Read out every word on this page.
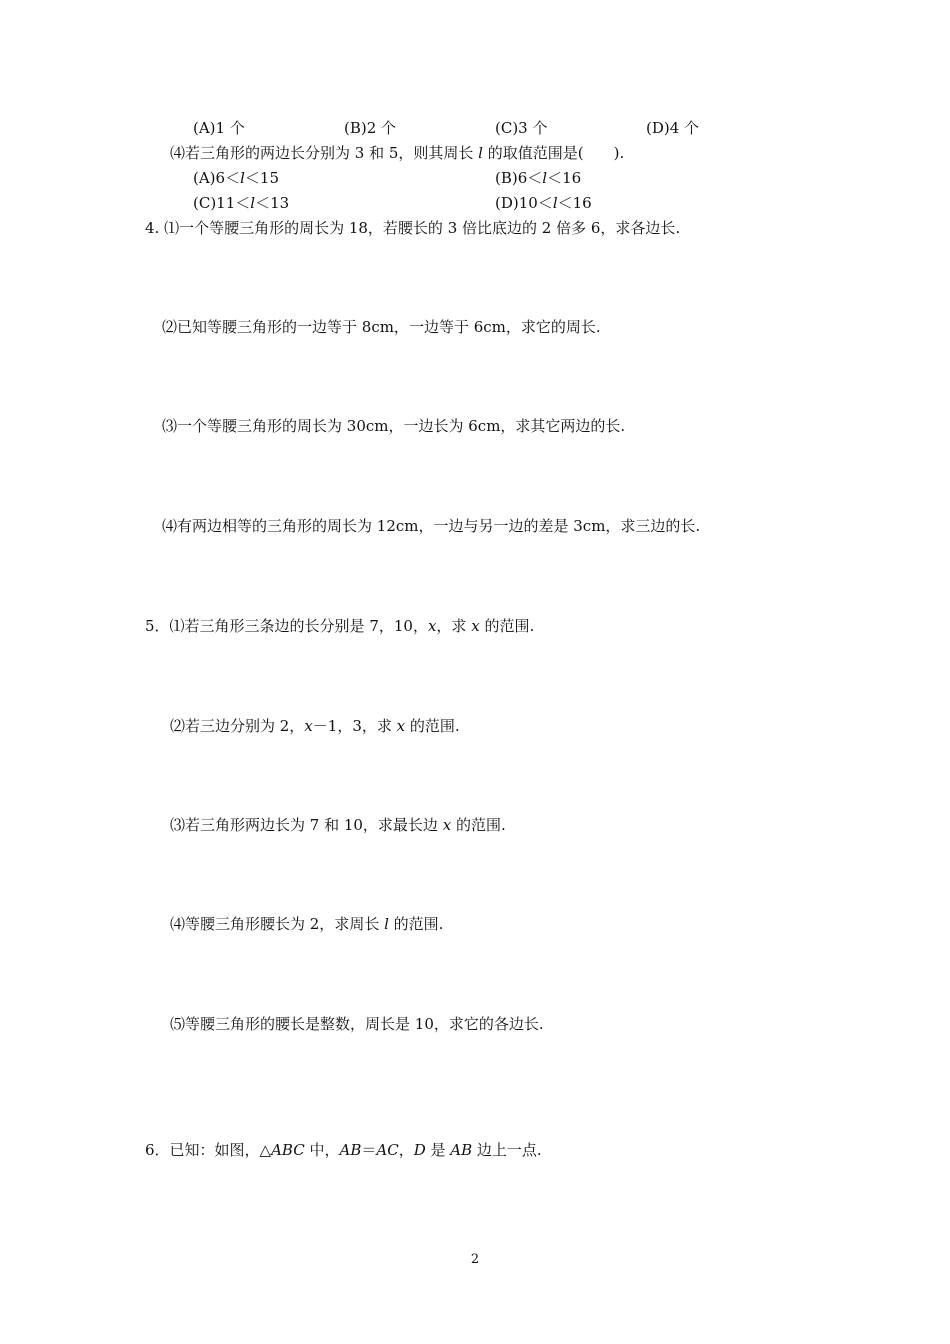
(A)1 个	(B)2 个	(C)3 个	(D)4 个
⑷若三角形的两边长分别为 3 和 5，则其周长 l 的取值范围是(　　).
(A)6＜l＜15	(B)6＜l＜16
(C)11＜l＜13	(D)10＜l＜16
4. ⑴一个等腰三角形的周长为 18，若腰长的 3 倍比底边的 2 倍多 6，求各边长.
⑵已知等腰三角形的一边等于 8cm，一边等于 6cm，求它的周长.
⑶一个等腰三角形的周长为 30cm，一边长为 6cm，求其它两边的长.
⑷有两边相等的三角形的周长为 12cm，一边与另一边的差是 3cm，求三边的长.
5．⑴若三角形三条边的长分别是 7，10，x，求 x 的范围.
⑵若三边分别为 2，x－1，3，求 x 的范围.
⑶若三角形两边长为 7 和 10，求最长边 x 的范围.
⑷等腰三角形腰长为 2，求周长 l 的范围.
⑸等腰三角形的腰长是整数，周长是 10，求它的各边长.
6．已知：如图，△ABC 中，AB＝AC，D 是 AB 边上一点.
2
